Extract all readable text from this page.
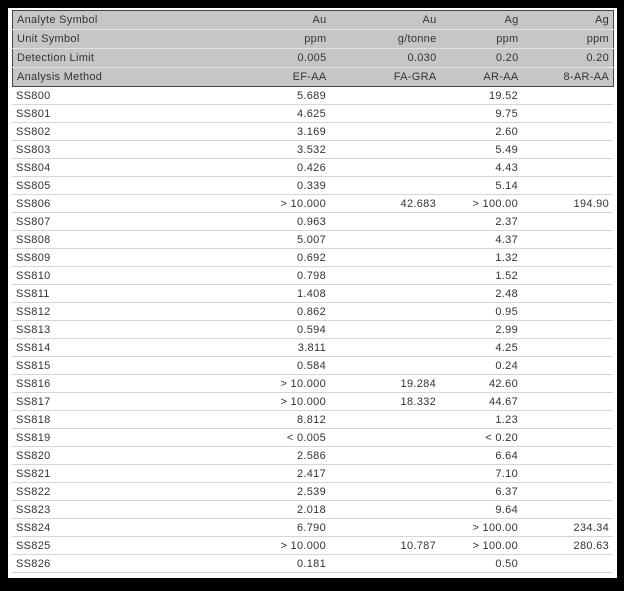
Analyte Symbol	Au	Au	Ag	Ag
Unit Symbol	ppm	g/tonne	ppm	ppm
Detection Limit	0.005	0.030	0.20	0.20
Analysis Method	EF-AA	FA-GRA	AR-AA	8-AR-AA
SS800	5.689		19.52	
SS801	4.625		9.75	
SS802	3.169		2.60	
SS803	3.532		5.49	
SS804	0.426		4.43	
SS805	0.339		5.14	
SS806	> 10.000	42.683	> 100.00	194.90
SS807	0.963		2.37	
SS808	5.007		4.37	
SS809	0.692		1.32	
SS810	0.798		1.52	
SS811	1.408		2.48	
SS812	0.862		0.95	
SS813	0.594		2.99	
SS814	3.811		4.25	
SS815	0.584		0.24	
SS816	> 10.000	19.284	42.60	
SS817	> 10.000	18.332	44.67	
SS818	8.812		1.23	
SS819	< 0.005		< 0.20	
SS820	2.586		6.64	
SS821	2.417		7.10	
SS822	2.539		6.37	
SS823	2.018		9.64	
SS824	6.790		> 100.00	234.34
SS825	> 10.000	10.787	> 100.00	280.63
SS826	0.181		0.50	
